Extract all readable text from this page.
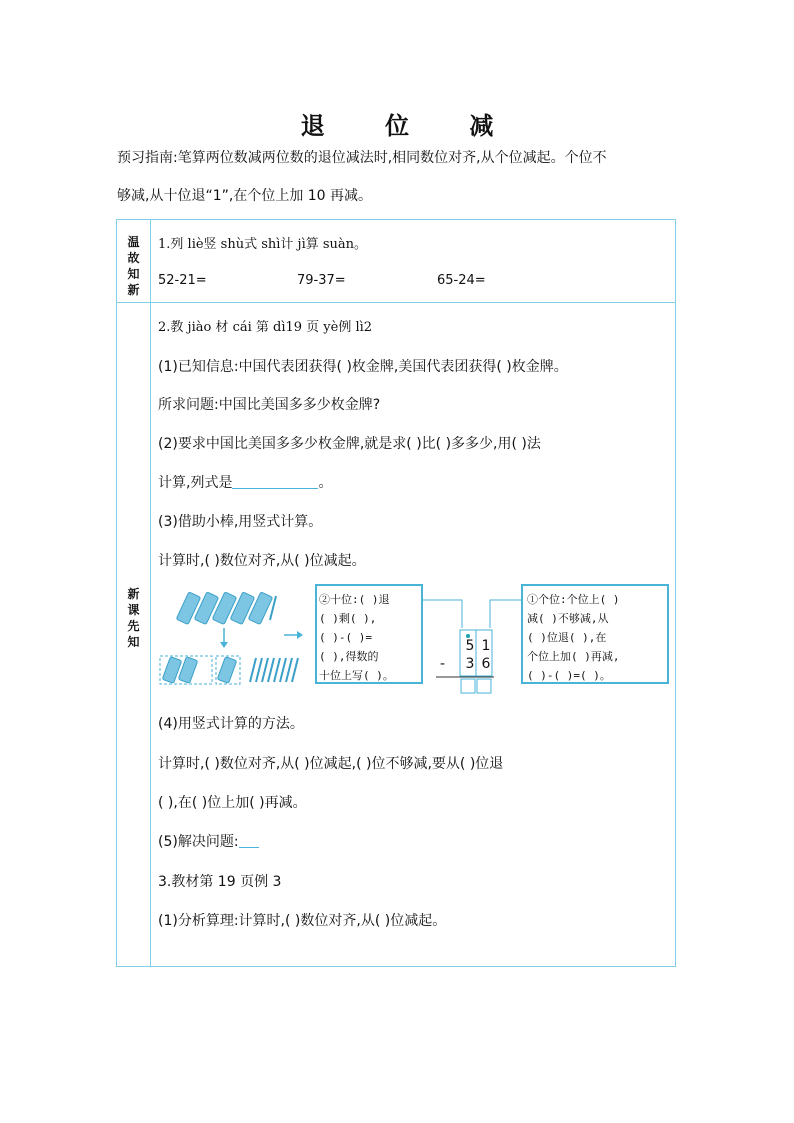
退 位 减
预习指南:笔算两位数减两位数的退位减法时,相同数位对齐,从个位减起。个位不
够减,从十位退“1”,在个位上加 10 再减。
温
故
知
新
新
课
先
知
1.列 liè竖 shù式 shì计 jì算 suàn。
52-21=	79-37=	65-24=
2.教 jiào 材 cái 第 dì19 页 yè例 lì2
(1)已知信息:中国代表团获得( )枚金牌,美国代表团获得( )枚金牌。
所求问题:中国比美国多多少枚金牌?
(2)要求中国比美国多多少枚金牌,就是求( )比( )多多少,用( )法
计算,列式是	。
(3)借助小棒,用竖式计算。
计算时,( )数位对齐,从( )位减起。
②十位:( )退
( )剩( ),
( )-( )=
( ),得数的
十位上写( )。
①个位:个位上( )
减( )不够减,从
( )位退( ),在
个位上加( )再减,
( )-( )=( )。
5 1
3 6
-
(4)用竖式计算的方法。
计算时,( )数位对齐,从( )位减起,( )位不够减,要从( )位退
( ),在( )位上加( )再减。
(5)解决问题:
3.教材第 19 页例 3
(1)分析算理:计算时,( )数位对齐,从( )位减起。
